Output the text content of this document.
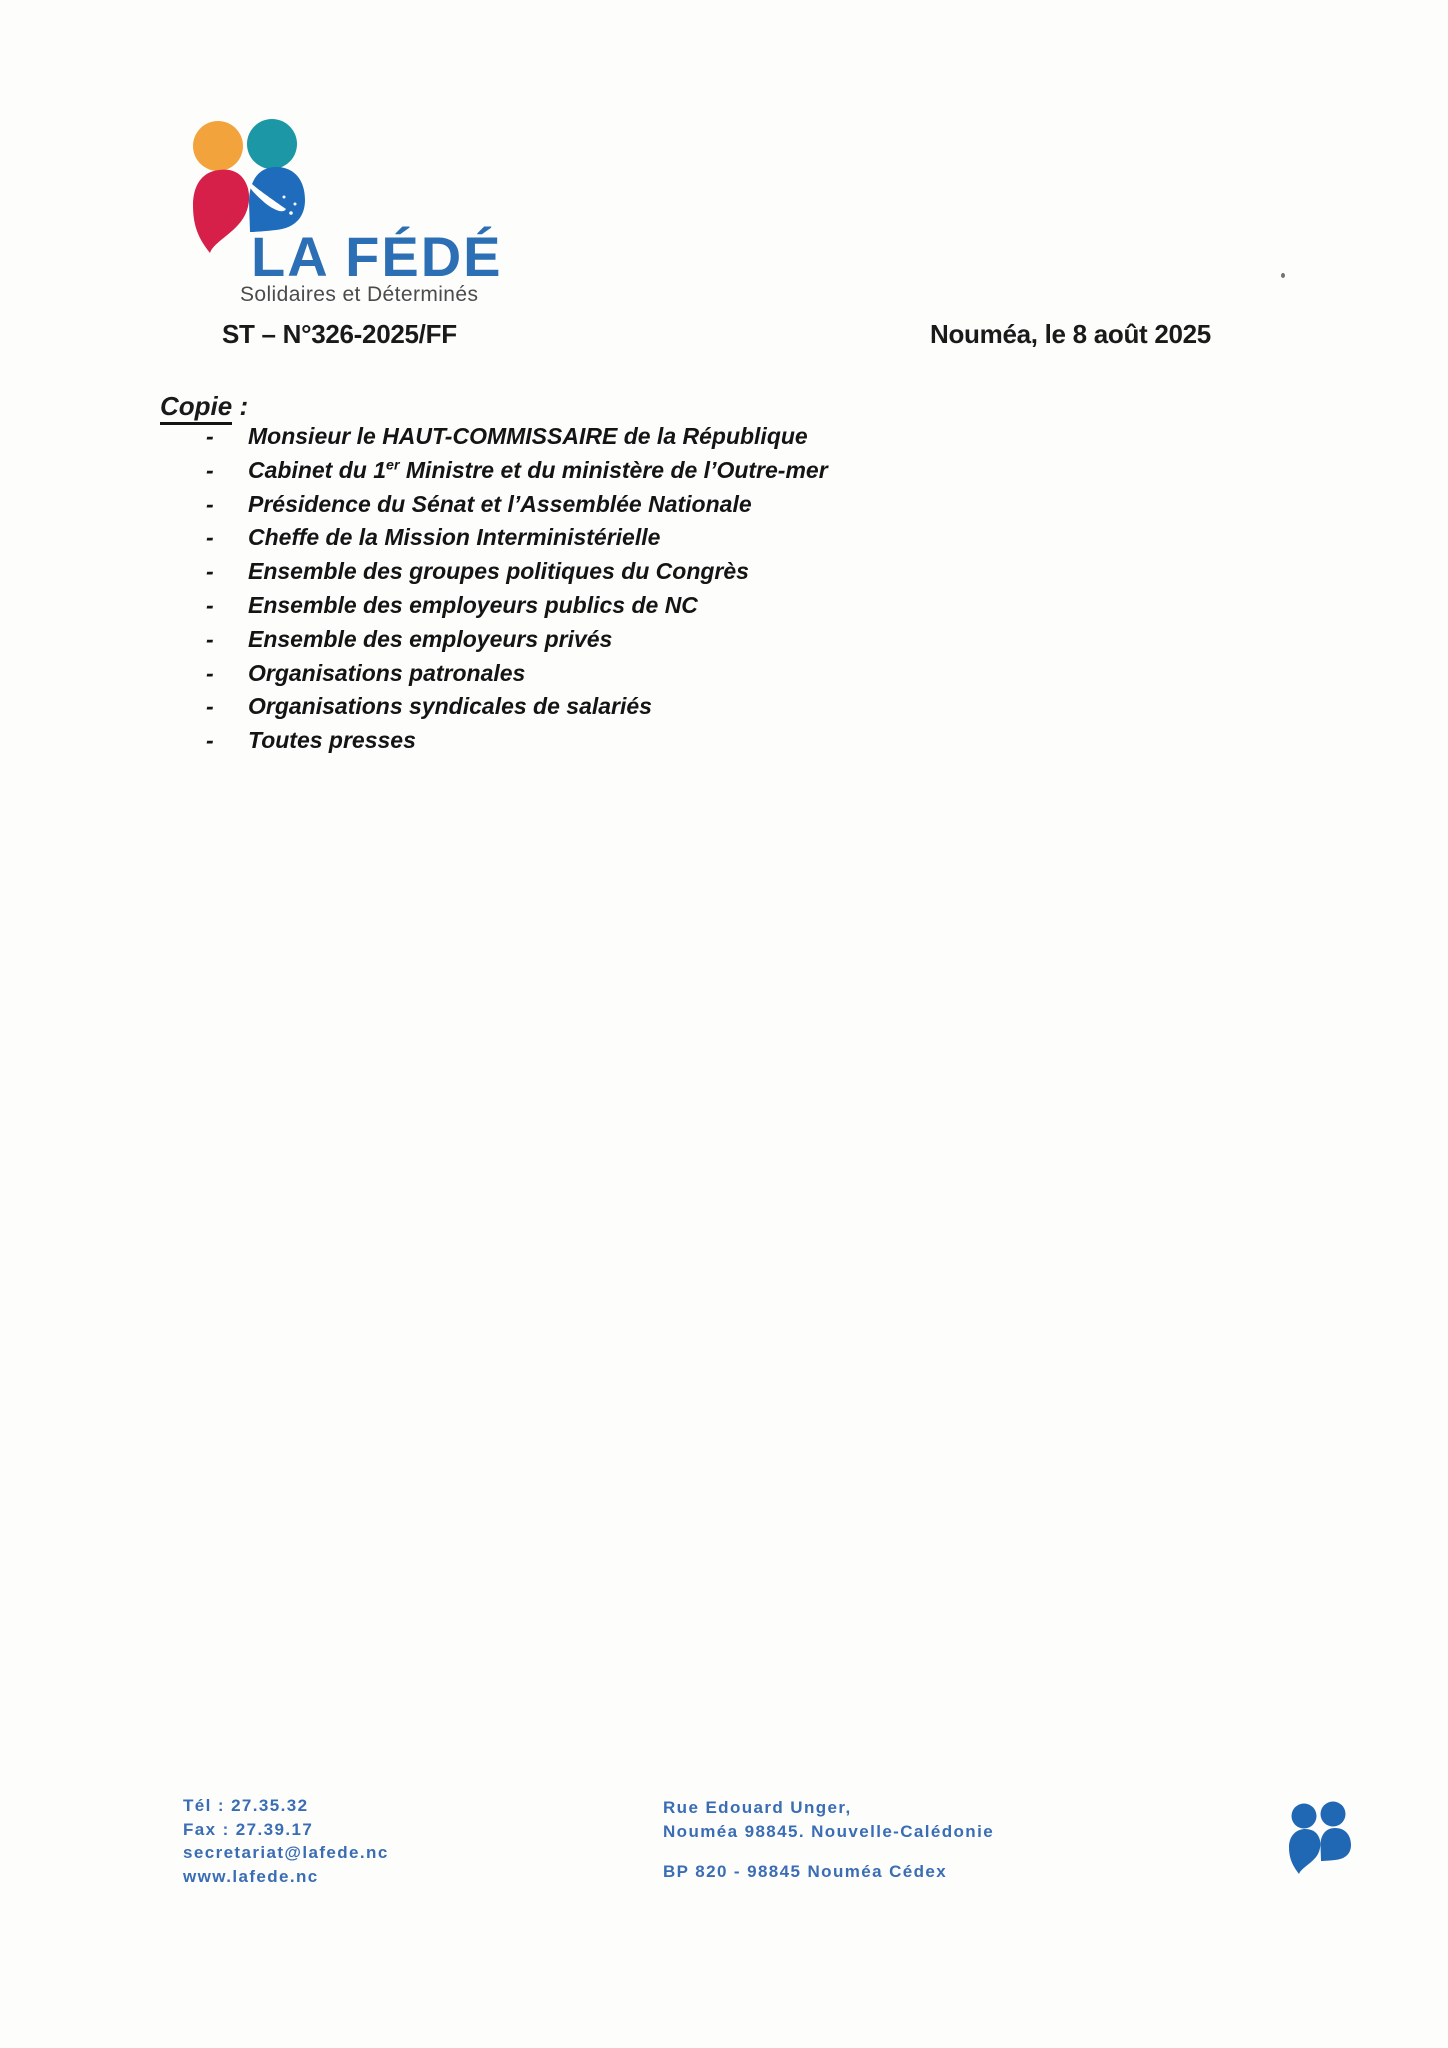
LA FÉDÉ
Solidaires et Déterminés
ST – N°326-2025/FF	Nouméa, le 8 août 2025
Copie :
-	Monsieur le HAUT-COMMISSAIRE de la République
-	Cabinet du 1er Ministre et du ministère de l’Outre-mer
-	Présidence du Sénat et l’Assemblée Nationale
-	Cheffe de la Mission Interministérielle
-	Ensemble des groupes politiques du Congrès
-	Ensemble des employeurs publics de NC
-	Ensemble des employeurs privés
-	Organisations patronales
-	Organisations syndicales de salariés
-	Toutes presses
Tél : 27.35.32
Fax : 27.39.17
secretariat@lafede.nc
www.lafede.nc
Rue Edouard Unger,
Nouméa 98845. Nouvelle-Calédonie
BP 820 - 98845 Nouméa Cédex
